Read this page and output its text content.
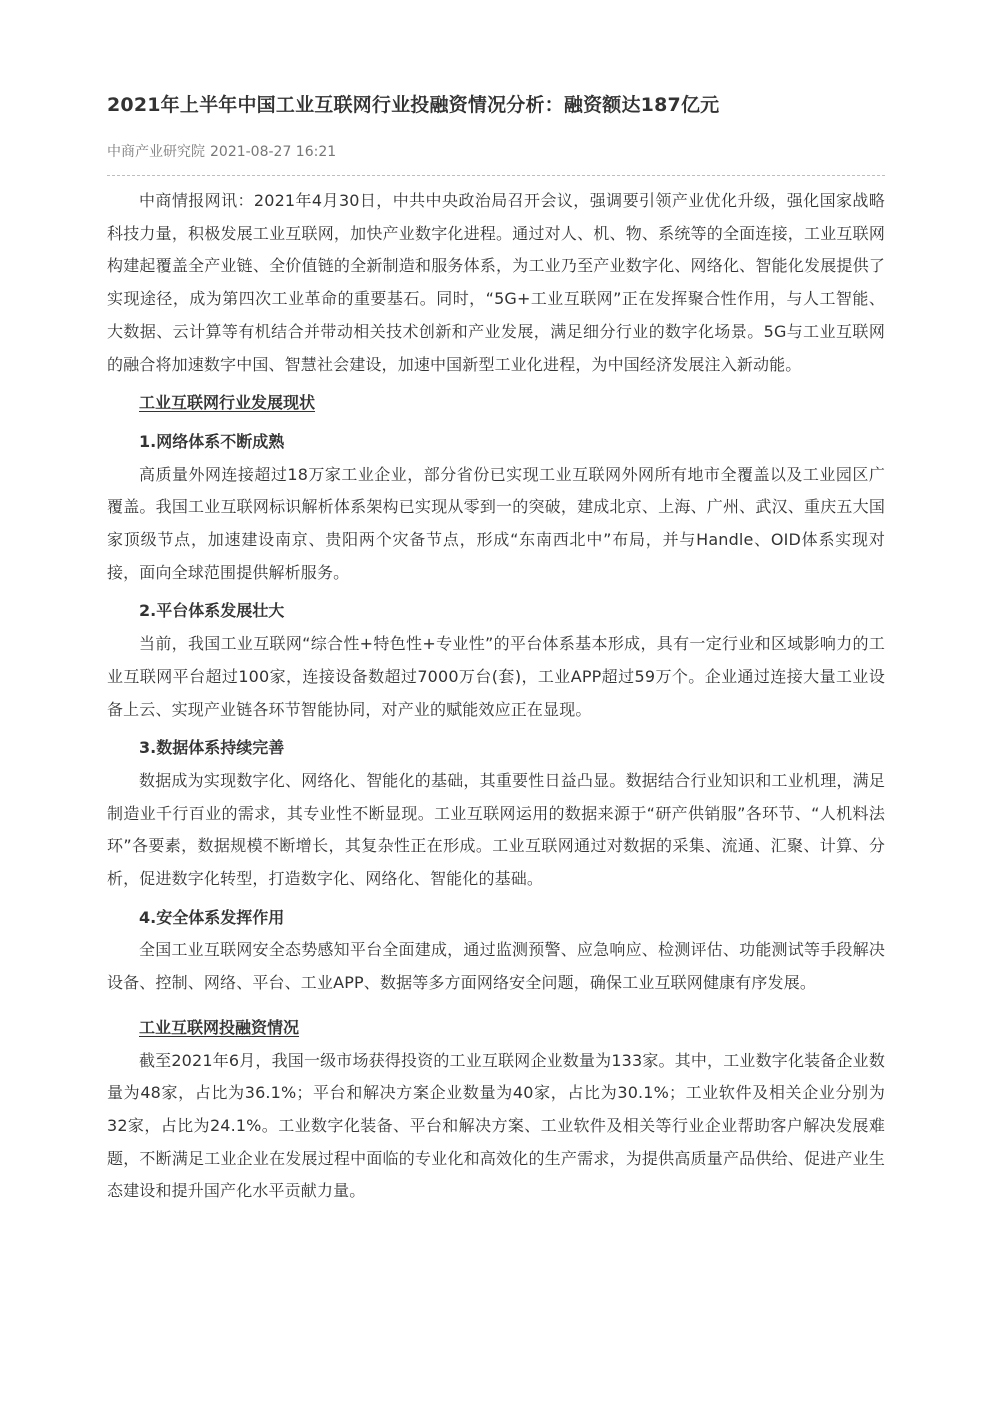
2021年上半年中国工业互联网行业投融资情况分析：融资额达187亿元
中商产业研究院 2021-08-27 16:21

中商情报网讯：2021年4月30日，中共中央政治局召开会议，强调要引领产业优化升级，强化国家战略科技力量，积极发展工业互联网，加快产业数字化进程。通过对人、机、物、系统等的全面连接，工业互联网构建起覆盖全产业链、全价值链的全新制造和服务体系，为工业乃至产业数字化、网络化、智能化发展提供了实现途径，成为第四次工业革命的重要基石。同时，“5G+工业互联网”正在发挥聚合性作用，与人工智能、大数据、云计算等有机结合并带动相关技术创新和产业发展，满足细分行业的数字化场景。5G与工业互联网的融合将加速数字中国、智慧社会建设，加速中国新型工业化进程，为中国经济发展注入新动能。

工业互联网行业发展现状
1.网络体系不断成熟

高质量外网连接超过18万家工业企业，部分省份已实现工业互联网外网所有地市全覆盖以及工业园区广覆盖。我国工业互联网标识解析体系架构已实现从零到一的突破，建成北京、上海、广州、武汉、重庆五大国家顶级节点，加速建设南京、贵阳两个灾备节点，形成“东南西北中”布局，并与Handle、OID体系实现对接，面向全球范围提供解析服务。

2.平台体系发展壮大

当前，我国工业互联网“综合性+特色性+专业性”的平台体系基本形成，具有一定行业和区域影响力的工业互联网平台超过100家，连接设备数超过7000万台(套)，工业APP超过59万个。企业通过连接大量工业设备上云、实现产业链各环节智能协同，对产业的赋能效应正在显现。

3.数据体系持续完善

数据成为实现数字化、网络化、智能化的基础，其重要性日益凸显。数据结合行业知识和工业机理，满足制造业千行百业的需求，其专业性不断显现。工业互联网运用的数据来源于“研产供销服”各环节、“人机料法环”各要素，数据规模不断增长，其复杂性正在形成。工业互联网通过对数据的采集、流通、汇聚、计算、分析，促进数字化转型，打造数字化、网络化、智能化的基础。

4.安全体系发挥作用

全国工业互联网安全态势感知平台全面建成，通过监测预警、应急响应、检测评估、功能测试等手段解决设备、控制、网络、平台、工业APP、数据等多方面网络安全问题，确保工业互联网健康有序发展。

工业互联网投融资情况

截至2021年6月，我国一级市场获得投资的工业互联网企业数量为133家。其中，工业数字化装备企业数量为48家，占比为36.1%；平台和解决方案企业数量为40家，占比为30.1%；工业软件及相关企业分别为32家，占比为24.1%。工业数字化装备、平台和解决方案、工业软件及相关等行业企业帮助客户解决发展难题，不断满足工业企业在发展过程中面临的专业化和高效化的生产需求，为提供高质量产品供给、促进产业生态建设和提升国产化水平贡献力量。
